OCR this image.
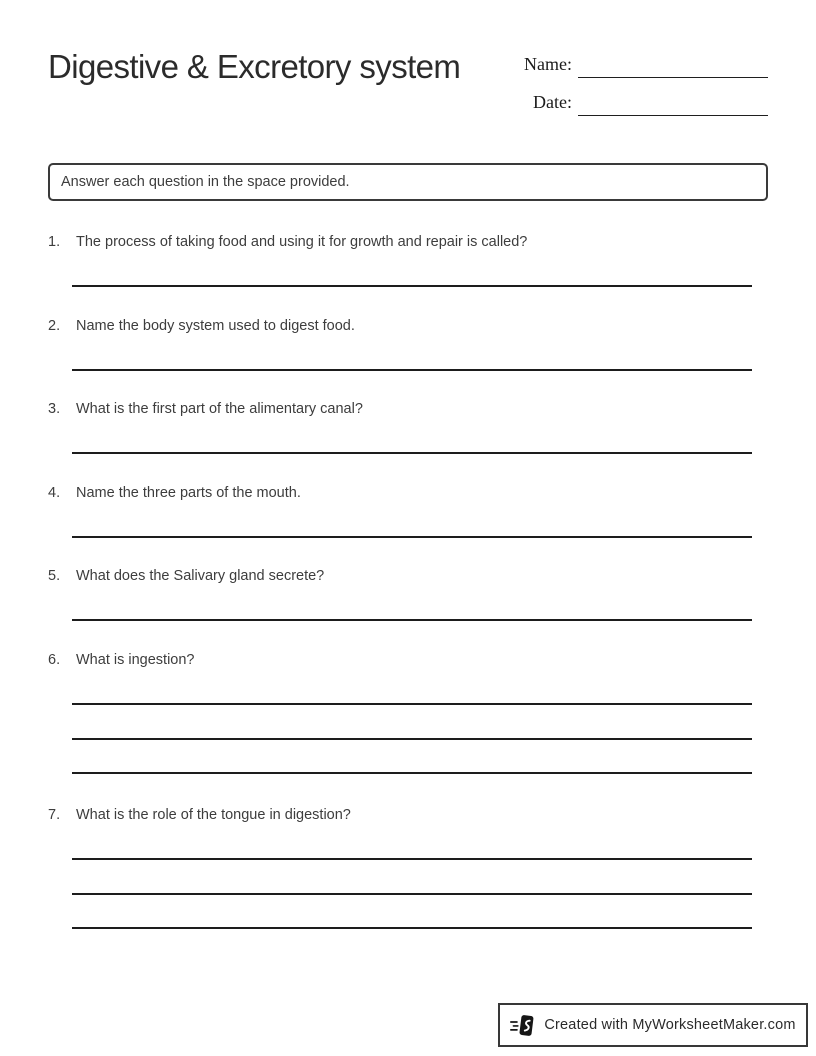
Digestive & Excretory system	Name:
Date:
Answer each question in the space provided.
1.	The process of taking food and using it for growth and repair is called?
2.	Name the body system used to digest food.
3.	What is the first part of the alimentary canal?
4.	Name the three parts of the mouth.
5.	What does the Salivary gland secrete?
6.	What is ingestion?
7.	What is the role of the tongue in digestion?
Created with MyWorksheetMaker.com
